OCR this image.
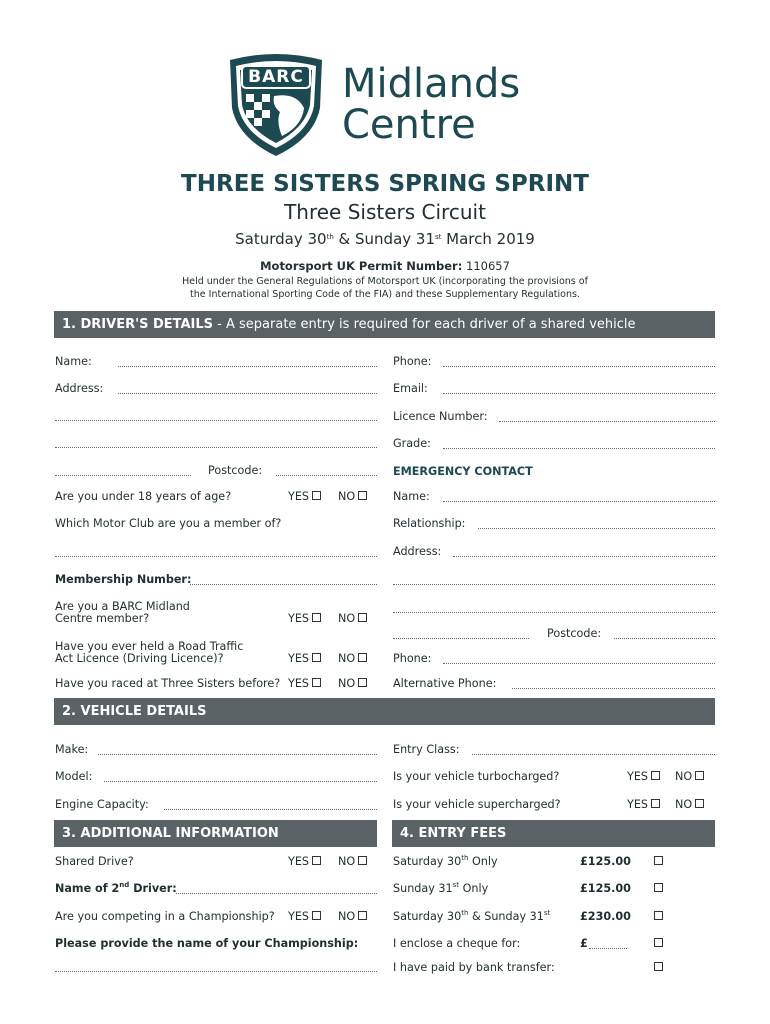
BARC Midlands
Centre
THREE SISTERS SPRING SPRINT
Three Sisters Circuit
Saturday 30th & Sunday 31st March 2019
Motorsport UK Permit Number: 110657
Held under the General Regulations of Motorsport UK (incorporating the provisions of
the International Sporting Code of the FIA) and these Supplementary Regulations.
1. DRIVER'S DETAILS - A separate entry is required for each driver of a shared vehicle
Name:
Address:
Postcode:
Are you under 18 years of age?	YES	NO
Which Motor Club are you a member of?
Membership Number:
Are you a BARC Midland
Centre member?	YES	NO
Have you ever held a Road Traffic
Act Licence (Driving Licence)?	YES	NO
Have you raced at Three Sisters before? YES	NO
Phone:
Email:
Licence Number:
Grade:
EMERGENCY CONTACT
Name:
Relationship:
Address:
Postcode:
Phone:
Alternative Phone:
2. VEHICLE DETAILS
Make:
Model:
Engine Capacity:
Entry Class:
Is your vehicle turbocharged?	YES	NO
Is your vehicle supercharged?	YES	NO
3. ADDITIONAL INFORMATION
Shared Drive?	YES	NO
Name of 2nd Driver:
Are you competing in a Championship? YES	NO
Please provide the name of your Championship:
4. ENTRY FEES
Saturday 30th Only	£125.00
Sunday 31st Only	£125.00
Saturday 30th & Sunday 31st	£230.00
I enclose a cheque for:	£
I have paid by bank transfer:
